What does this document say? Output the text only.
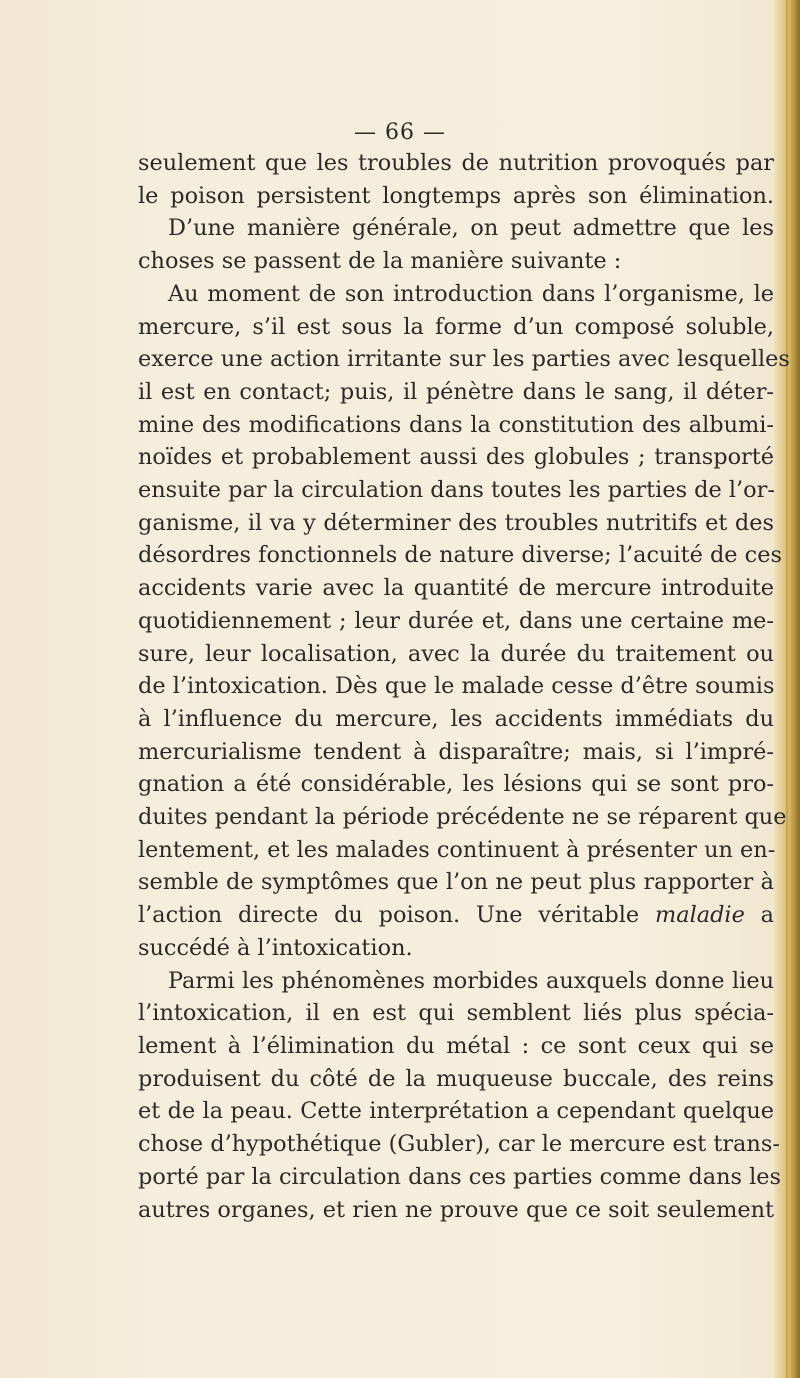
— 66 —
seulement que les troubles de nutrition provoqués par
le poison persistent longtemps après son élimination.
D’une manière générale, on peut admettre que les
choses se passent de la manière suivante :
Au moment de son introduction dans l’organisme, le
mercure, s’il est sous la forme d’un composé soluble,
exerce une action irritante sur les parties avec lesquelles
il est en contact; puis, il pénètre dans le sang, il déter-
mine des modifications dans la constitution des albumi-
noïdes et probablement aussi des globules ; transporté
ensuite par la circulation dans toutes les parties de l’or-
ganisme, il va y déterminer des troubles nutritifs et des
désordres fonctionnels de nature diverse; l’acuité de ces
accidents varie avec la quantité de mercure introduite
quotidiennement ; leur durée et, dans une certaine me-
sure, leur localisation, avec la durée du traitement ou
de l’intoxication. Dès que le malade cesse d’être soumis
à l’influence du mercure, les accidents immédiats du
mercurialisme tendent à disparaître; mais, si l’impré-
gnation a été considérable, les lésions qui se sont pro-
duites pendant la période précédente ne se réparent que
lentement, et les malades continuent à présenter un en-
semble de symptômes que l’on ne peut plus rapporter à
l’action directe du poison. Une véritable maladie a
succédé à l’intoxication.
Parmi les phénomènes morbides auxquels donne lieu
l’intoxication, il en est qui semblent liés plus spécia-
lement à l’élimination du métal : ce sont ceux qui se
produisent du côté de la muqueuse buccale, des reins
et de la peau. Cette interprétation a cependant quelque
chose d’hypothétique (Gubler), car le mercure est trans-
porté par la circulation dans ces parties comme dans les
autres organes, et rien ne prouve que ce soit seulement
